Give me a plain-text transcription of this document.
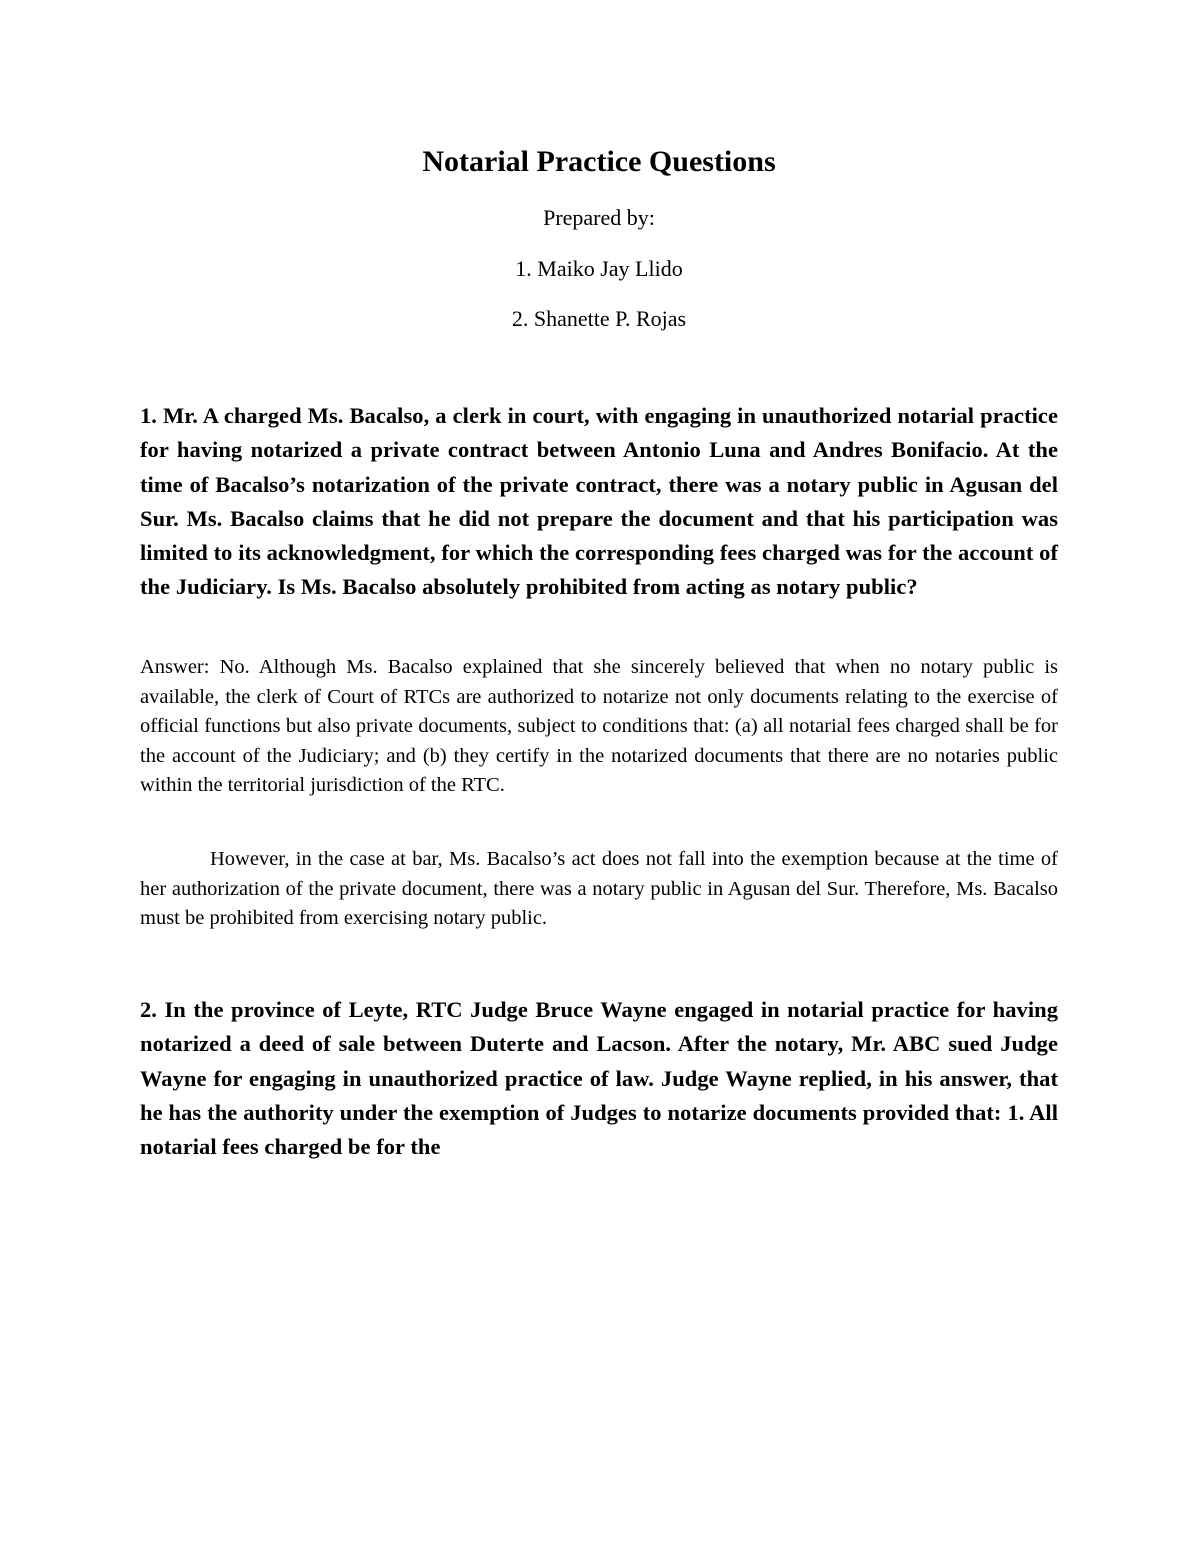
Notarial Practice Questions

Prepared by:

1. Maiko Jay Llido

2. Shanette P. Rojas

1. Mr. A charged Ms. Bacalso, a clerk in court, with engaging in unauthorized notarial practice for having notarized a private contract between Antonio Luna and Andres Bonifacio. At the time of Bacalso’s notarization of the private contract, there was a notary public in Agusan del Sur. Ms. Bacalso claims that he did not prepare the document and that his participation was limited to its acknowledgment, for which the corresponding fees charged was for the account of the Judiciary. Is Ms. Bacalso absolutely prohibited from acting as notary public?

Answer: No. Although Ms. Bacalso explained that she sincerely believed that when no notary public is available, the clerk of Court of RTCs are authorized to notarize not only documents relating to the exercise of official functions but also private documents, subject to conditions that: (a) all notarial fees charged shall be for the account of the Judiciary; and (b) they certify in the notarized documents that there are no notaries public within the territorial jurisdiction of the RTC.

However, in the case at bar, Ms. Bacalso’s act does not fall into the exemption because at the time of her authorization of the private document, there was a notary public in Agusan del Sur. Therefore, Ms. Bacalso must be prohibited from exercising notary public.

2. In the province of Leyte, RTC Judge Bruce Wayne engaged in notarial practice for having notarized a deed of sale between Duterte and Lacson. After the notary, Mr. ABC sued Judge Wayne for engaging in unauthorized practice of law. Judge Wayne replied, in his answer, that he has the authority under the exemption of Judges to notarize documents provided that: 1. All notarial fees charged be for the
